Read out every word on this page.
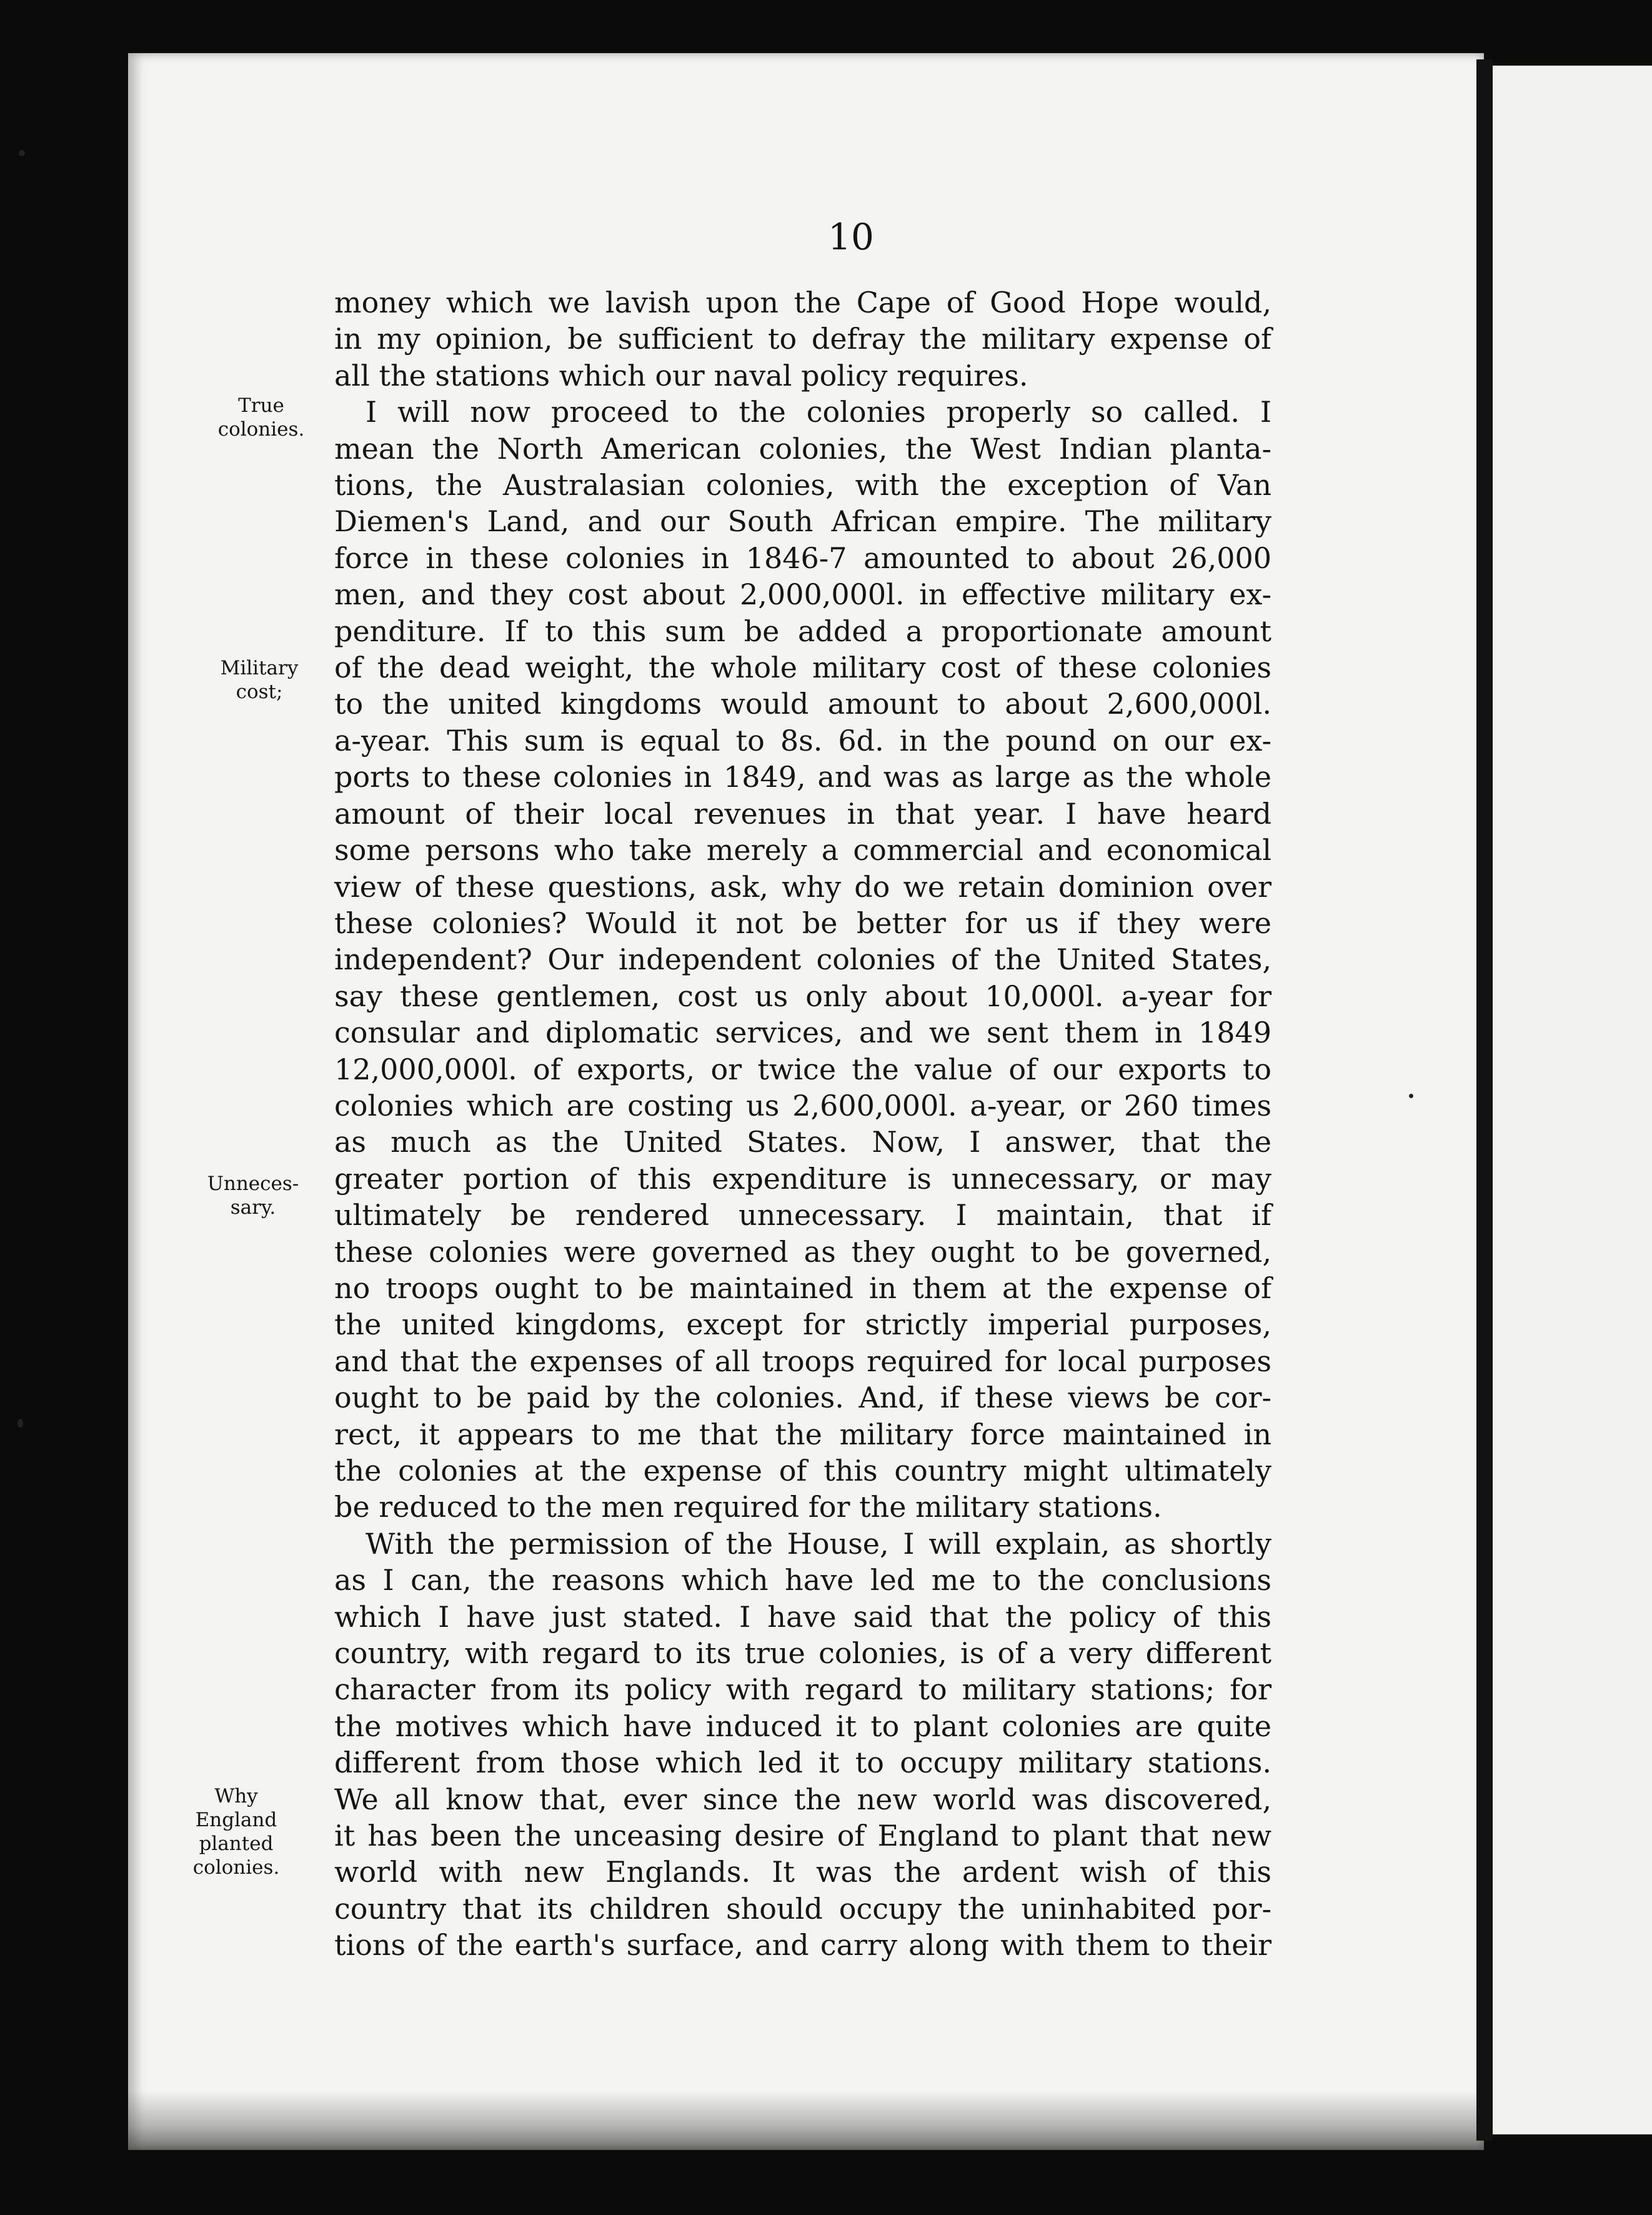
10
True
colonies.
Military
cost;
Unneces-
sary.
Why
England
planted
colonies.

money which we lavish upon the Cape of Good Hope would,

in my opinion, be sufficient to defray the military expense of

all the stations which our naval policy requires.

I will now proceed to the colonies properly so called. I

mean the North American colonies, the West Indian planta-

tions, the Australasian colonies, with the exception of Van

Diemen's Land, and our South African empire. The military

force in these colonies in 1846-7 amounted to about 26,000

men, and they cost about 2,000,000l. in effective military ex-

penditure. If to this sum be added a proportionate amount

of the dead weight, the whole military cost of these colonies

to the united kingdoms would amount to about 2,600,000l.

a-year. This sum is equal to 8s. 6d. in the pound on our ex-

ports to these colonies in 1849, and was as large as the whole

amount of their local revenues in that year. I have heard

some persons who take merely a commercial and economical

view of these questions, ask, why do we retain dominion over

these colonies? Would it not be better for us if they were

independent? Our independent colonies of the United States,

say these gentlemen, cost us only about 10,000l. a-year for

consular and diplomatic services, and we sent them in 1849

12,000,000l. of exports, or twice the value of our exports to

colonies which are costing us 2,600,000l. a-year, or 260 times

as much as the United States. Now, I answer, that the

greater portion of this expenditure is unnecessary, or may

ultimately be rendered unnecessary. I maintain, that if

these colonies were governed as they ought to be governed,

no troops ought to be maintained in them at the expense of

the united kingdoms, except for strictly imperial purposes,

and that the expenses of all troops required for local purposes

ought to be paid by the colonies. And, if these views be cor-

rect, it appears to me that the military force maintained in

the colonies at the expense of this country might ultimately

be reduced to the men required for the military stations.

With the permission of the House, I will explain, as shortly

as I can, the reasons which have led me to the conclusions

which I have just stated. I have said that the policy of this

country, with regard to its true colonies, is of a very different

character from its policy with regard to military stations; for

the motives which have induced it to plant colonies are quite

different from those which led it to occupy military stations.

We all know that, ever since the new world was discovered,

it has been the unceasing desire of England to plant that new

world with new Englands. It was the ardent wish of this

country that its children should occupy the uninhabited por-

tions of the earth's surface, and carry along with them to their
